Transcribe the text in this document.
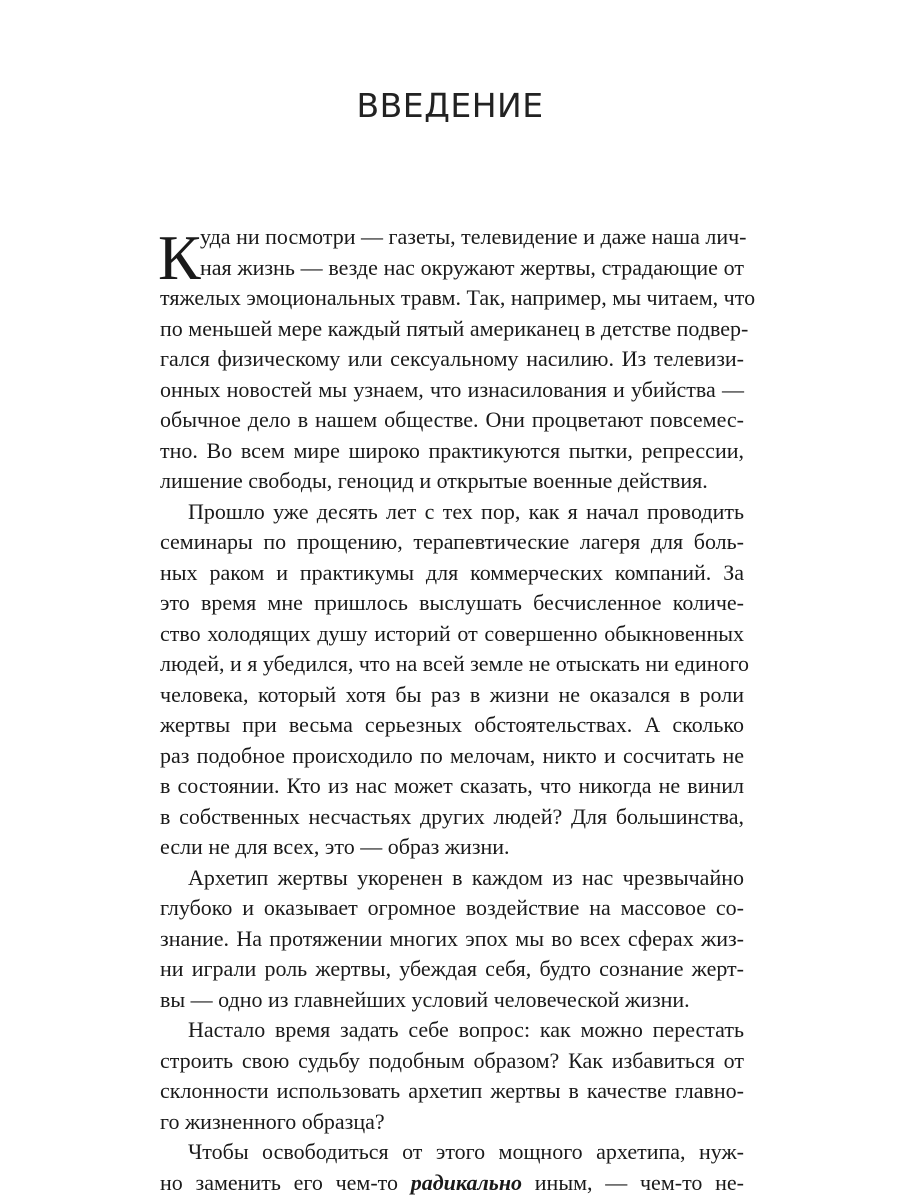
ВВЕДЕНИЕ
К уда ни посмотри — газеты, телевидение и даже наша лич-
ная жизнь — везде нас окружают жертвы, страдающие от
тяжелых эмоциональных травм. Так, например, мы читаем, что
по меньшей мере каждый пятый американец в детстве подвер-
гался физическому или сексуальному насилию. Из телевизи-
онных новостей мы узнаем, что изнасилования и убийства —
обычное дело в нашем обществе. Они процветают повсемес-
тно. Во всем мире широко практикуются пытки, репрессии,
лишение свободы, геноцид и открытые военные действия.

Прошло уже десять лет с тех пор, как я начал проводить
семинары по прощению, терапевтические лагеря для боль-
ных раком и практикумы для коммерческих компаний. За
это время мне пришлось выслушать бесчисленное количе-
ство холодящих душу историй от совершенно обыкновенных
людей, и я убедился, что на всей земле не отыскать ни единого
человека, который хотя бы раз в жизни не оказался в роли
жертвы при весьма серьезных обстоятельствах. А сколько
раз подобное происходило по мелочам, никто и сосчитать не
в состоянии. Кто из нас может сказать, что никогда не винил
в собственных несчастьях других людей? Для большинства,
если не для всех, это — образ жизни.

Архетип жертвы укоренен в каждом из нас чрезвычайно
глубоко и оказывает огромное воздействие на массовое со-
знание. На протяжении многих эпох мы во всех сферах жиз-
ни играли роль жертвы, убеждая себя, будто сознание жерт-
вы — одно из главнейших условий человеческой жизни.

Настало время задать себе вопрос: как можно перестать
строить свою судьбу подобным образом? Как избавиться от
склонности использовать архетип жертвы в качестве главно-
го жизненного образца?

Чтобы освободиться от этого мощного архетипа, нуж-
но заменить его чем-то радикально иным, — чем-то не-
